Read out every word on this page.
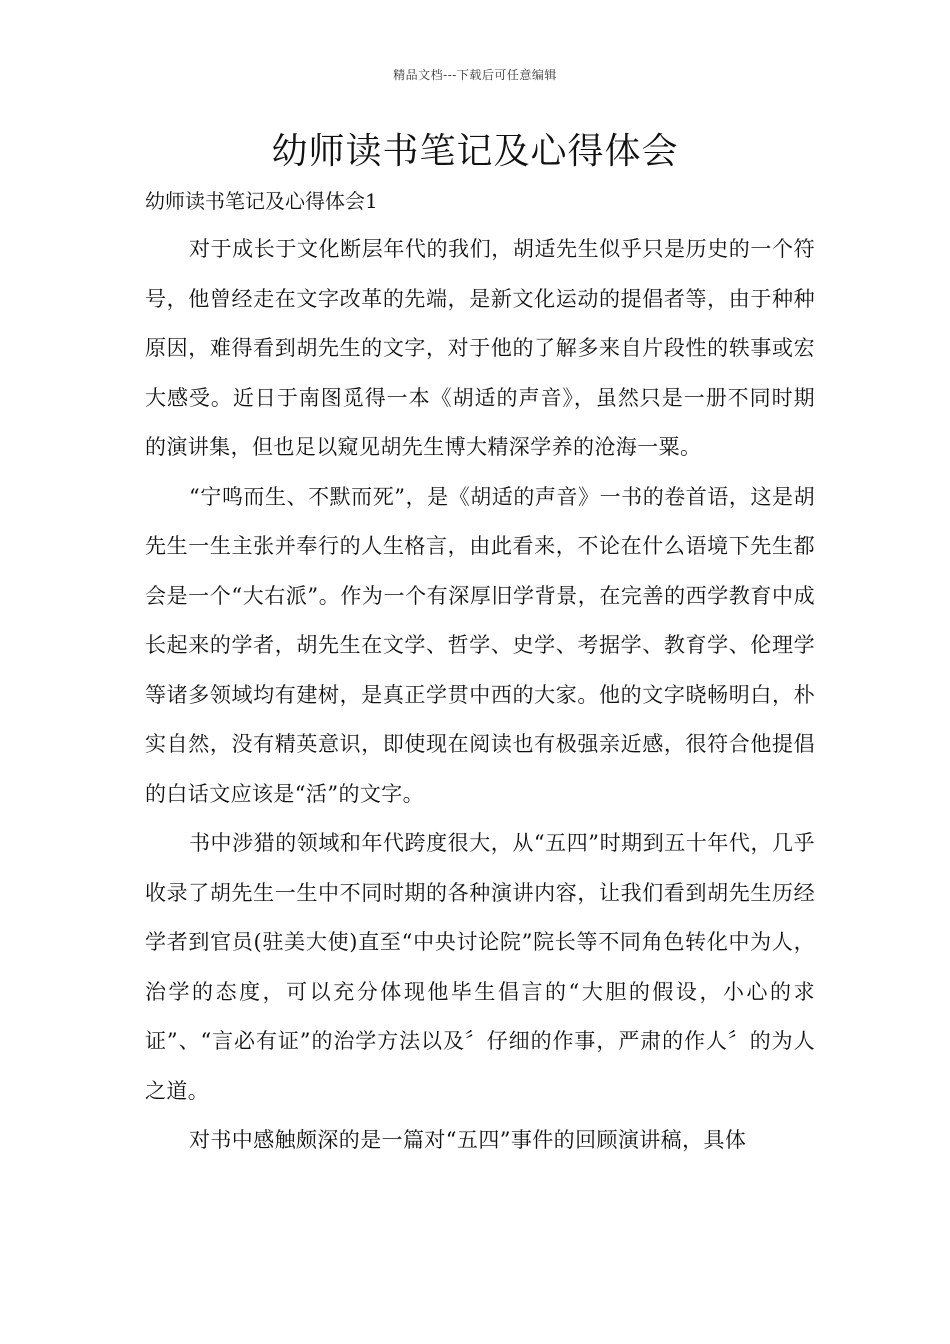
精品文档---下载后可任意编辑
幼师读书笔记及心得体会

幼师读书笔记及心得体会1

对于成长于文化断层年代的我们，胡适先生似乎只是历史的一个符号，他曾经走在文字改革的先端，是新文化运动的提倡者等，由于种种原因，难得看到胡先生的文字，对于他的了解多来自片段性的轶事或宏大感受。近日于南图觅得一本《胡适的声音》，虽然只是一册不同时期的演讲集，但也足以窥见胡先生博大精深学养的沧海一粟。

“宁鸣而生、不默而死”，是《胡适的声音》一书的卷首语，这是胡先生一生主张并奉行的人生格言，由此看来，不论在什么语境下先生都会是一个“大右派”。作为一个有深厚旧学背景，在完善的西学教育中成长起来的学者，胡先生在文学、哲学、史学、考据学、教育学、伦理学等诸多领域均有建树，是真正学贯中西的大家。他的文字晓畅明白，朴实自然，没有精英意识，即使现在阅读也有极强亲近感，很符合他提倡的白话文应该是“活”的文字。

书中涉猎的领域和年代跨度很大，从“五四”时期到五十年代，几乎收录了胡先生一生中不同时期的各种演讲内容，让我们看到胡先生历经学者到官员(驻美大使)直至“中央讨论院”院长等不同角色转化中为人，治学的态度，可以充分体现他毕生倡言的“大胆的假设，小心的求证”、“言必有证”的治学方法以及〞仔细的作事，严肃的作人〞的为人之道。

对书中感触颇深的是一篇对“五四”事件的回顾演讲稿，具体
